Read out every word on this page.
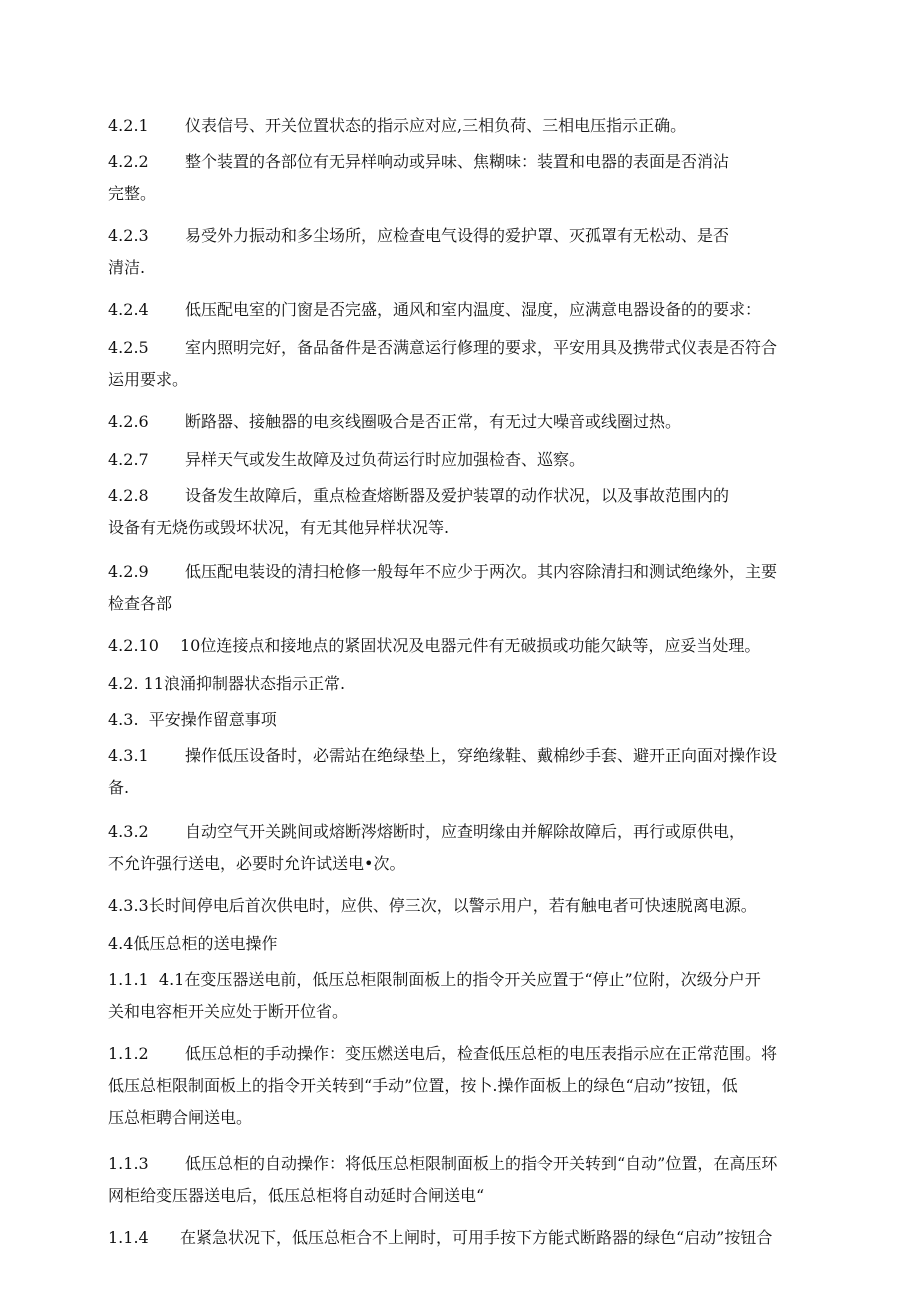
4.2.1 仪表信号、开关位置状态的指示应对应,三相负荷、三相电压指示正确。
4.2.2 整个装置的各部位有无异样响动或异味、焦糊味：装置和电器的表面是否消沾
完整。
4.2.3 易受外力振动和多尘场所，应检查电气设得的爱护罩、灭孤罩有无松动、是否
清洁.
4.2.4 低压配电室的门窗是否完盛，通风和室内温度、湿度，应满意电器设备的的要求：
4.2.5 室内照明完好，备品备件是否满意运行修理的要求，平安用具及携带式仪表是否符合
运用要求。
4.2.6 断路器、接触器的电亥线圈吸合是否正常，有无过大噪音或线圈过热。
4.2.7 异样天气或发生故障及过负荷运行时应加强检杳、巡察。
4.2.8 设备发生故障后，重点检查熔断器及爱护装罩的动作状况，以及事故范围内的
设备有无烧伤或毁坏状况，有无其他异样状况等.
4.2.9 低压配电装设的清扫枪修一般每年不应少于两次。其内容除清扫和测试绝缘外，主要
检查各部
4.2.10 10位连接点和接地点的紧固状况及电器元件有无破损或功能欠缺等，应妥当处理。
4.2. 11浪涌抑制器状态指示正常.
4.3.  平安操作留意事项
4.3.1 操作低压设备时，必需站在绝绿垫上，穿绝缘鞋、戴棉纱手套、避开正向面对操作设
备.
4.3.2 自动空气开关跳间或熔断涔熔断时，应查明缘由并解除故障后，再行或原供电，
不允许强行送电，必要时允许试送电•次。
4.3.3长时间停电后首次供电时，应供、停三次，以警示用户，若有触电者可快速脱离电源。
4.4低压总柜的送电操作
1.1.1  4.1在变压器送电前，低压总柜限制面板上的指令开关应置于“停止”位附，次级分户开
关和电容柜开关应处于断开位省。
1.1.2 低压总柜的手动操作：变压燃送电后，检查低压总柜的电压表指示应在正常范围。将
低压总柜限制面板上的指令开关转到“手动”位置，按卜.操作面板上的绿色“启动”按钮，低
压总柜聘合闸送电。
1.1.3 低压总柜的自动操作：将低压总柜限制面板上的指令开关转到“自动”位置，在高压环
网柜给变压器送电后，低压总柜将自动延时合闸送电“
1.1.4 在紧急状况下，低压总柜合不上闸时，可用手按下方能式断路器的绿色“启动”按钮合
